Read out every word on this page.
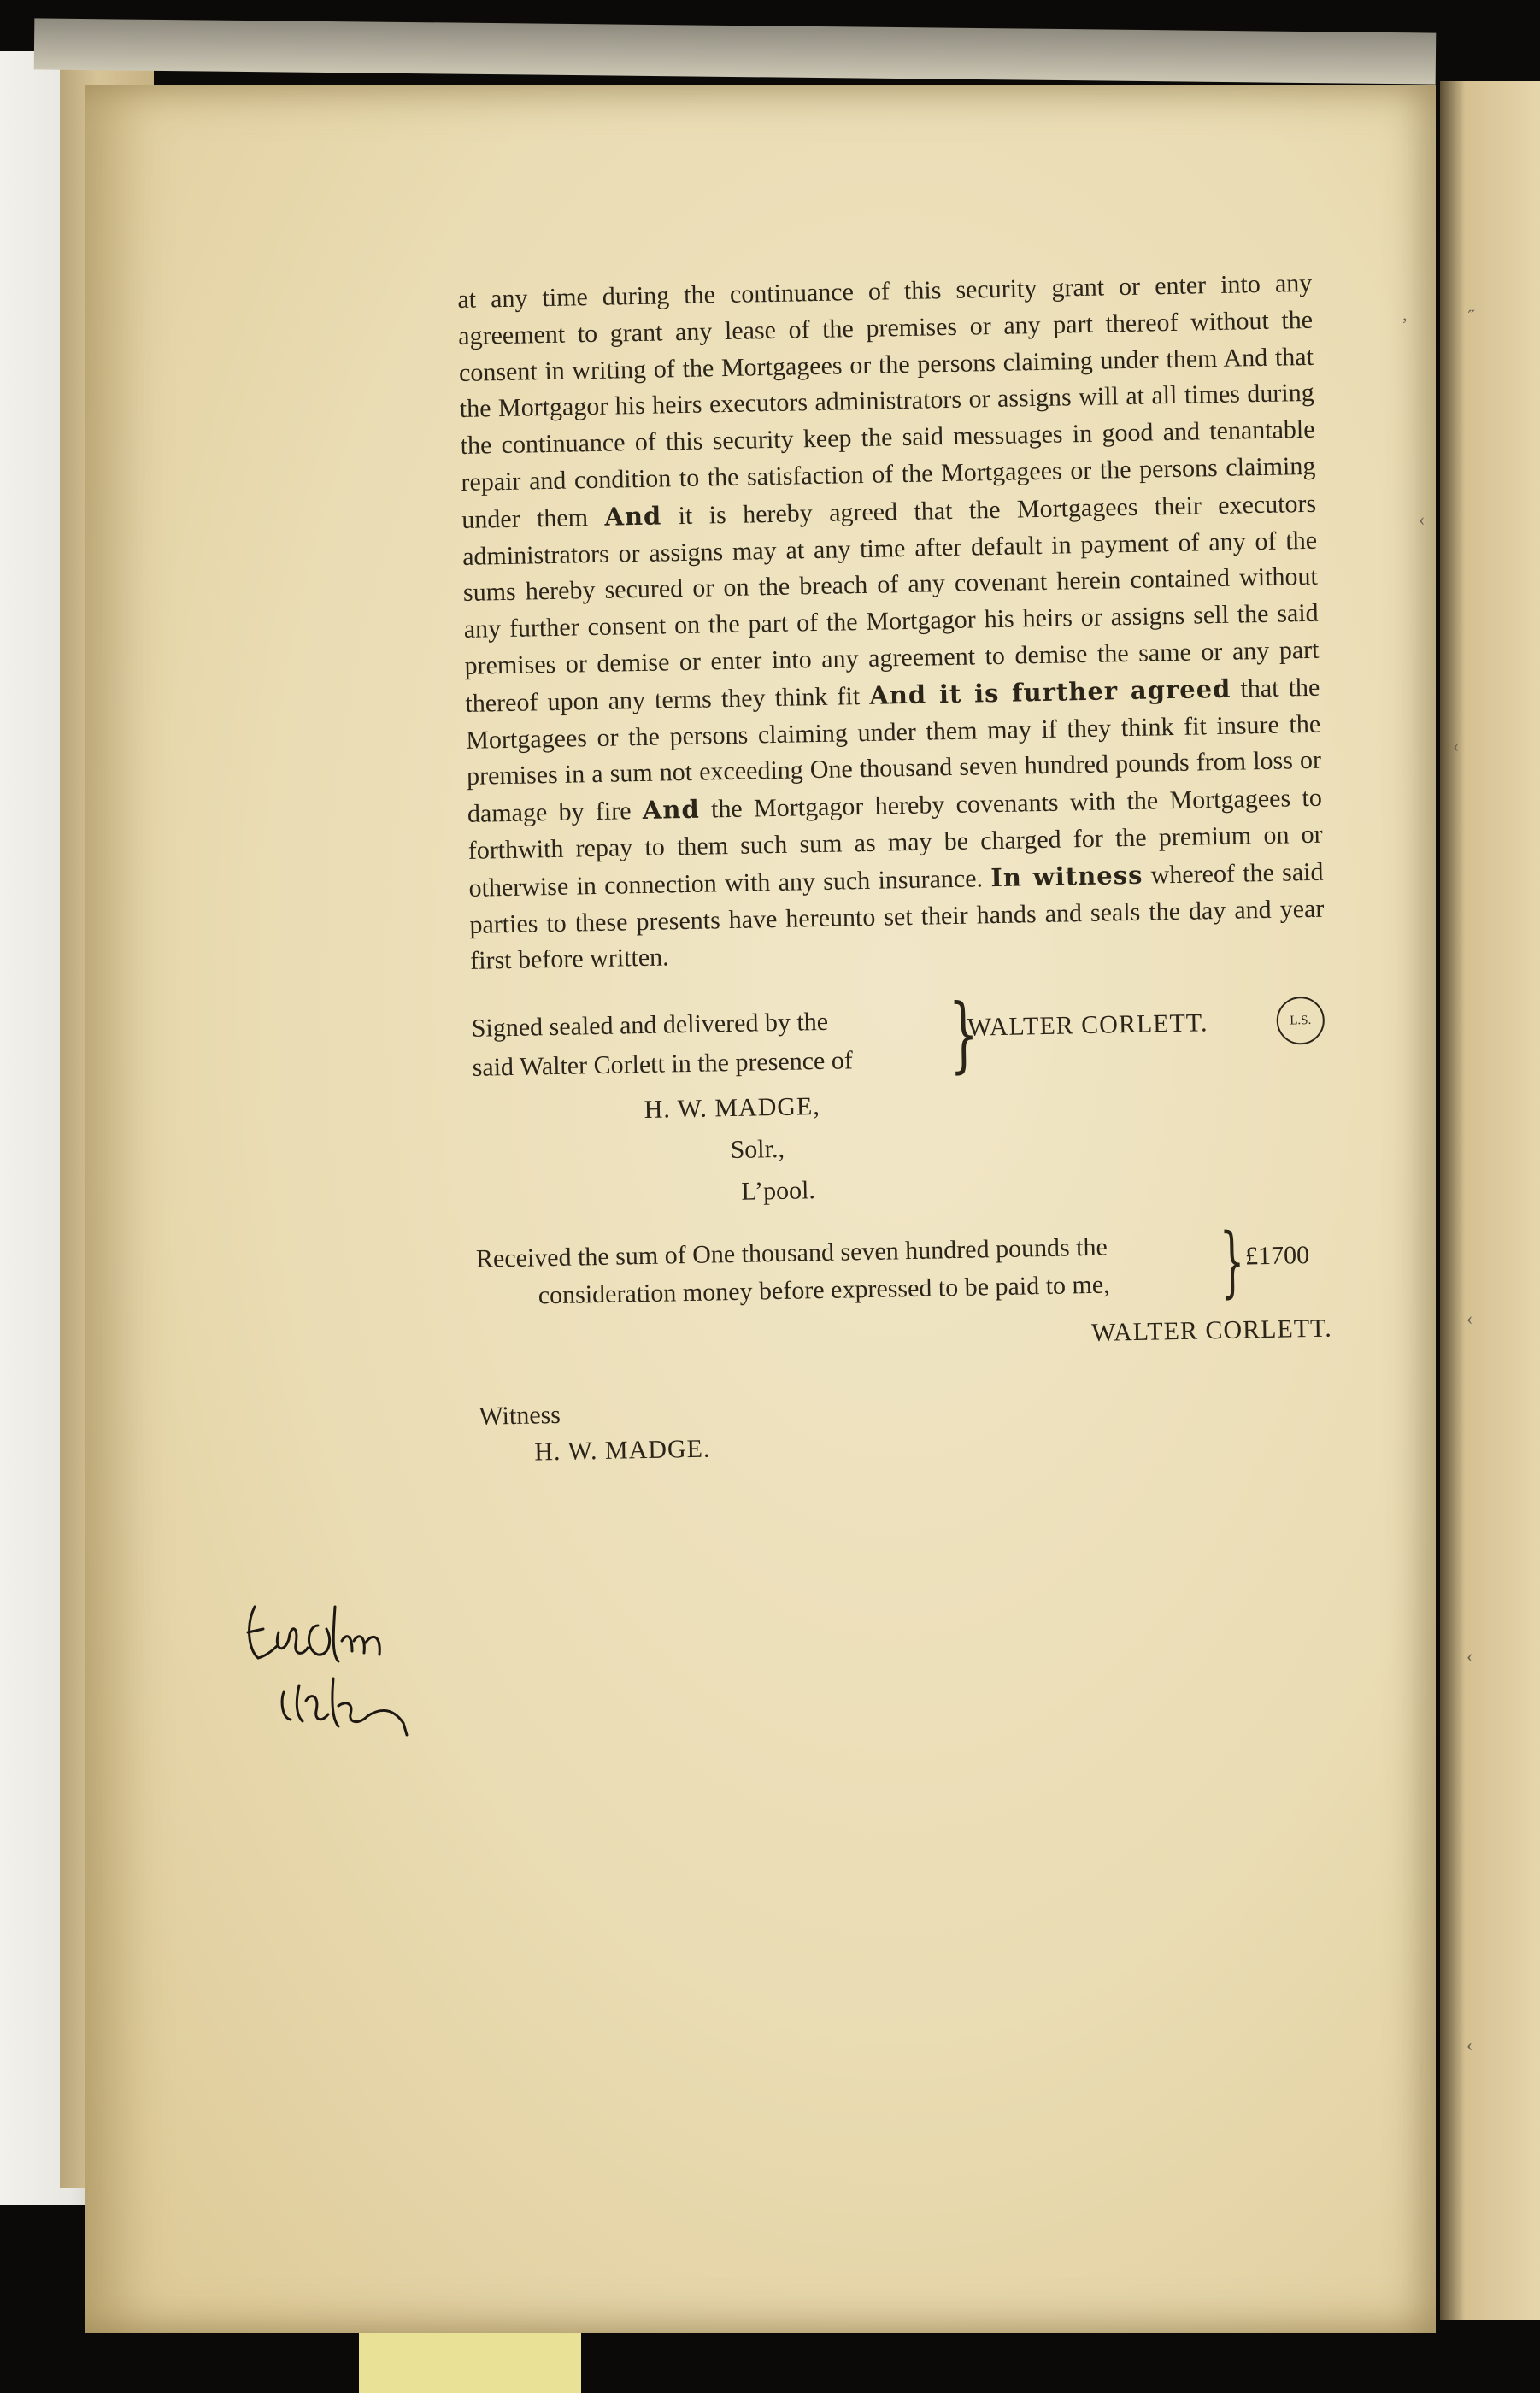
at any time during the continuance of this security grant or enter into any agreement to grant any lease of the premises or any part thereof without the consent in writing of the Mortgagees or the persons claiming under them And that the Mortgagor his heirs executors administrators or assigns will at all times during the continuance of this security keep the said messuages in good and tenantable repair and condition to the satisfaction of the Mortgagees or the persons claiming under them And it is hereby agreed that the Mortgagees their executors administrators or assigns may at any time after default in payment of any of the sums hereby secured or on the breach of any covenant herein contained without any further consent on the part of the Mortgagor his heirs or assigns sell the said premises or demise or enter into any agreement to demise the same or any part thereof upon any terms they think fit And it is further agreed that the Mortgagees or the persons claiming under them may if they think fit insure the premises in a sum not exceeding One thousand seven hundred pounds from loss or damage by fire And the Mortgagor hereby covenants with the Mortgagees to forthwith repay to them such sum as may be charged for the premium on or otherwise in connection with any such insurance. In witness whereof the said parties to these presents have hereunto set their hands and seals the day and year first before written.

Signed sealed and delivered by the
said Walter Corlett in the presence of	}
WALTER CORLETT.	L.S.
H. W. MADGE,
Solr.,
L’pool.
Received the sum of One thousand seven hundred pounds the
consideration money before expressed to be paid to me, } £1700
WALTER CORLETT.
Witness
H. W. MADGE.
‚	˶
‹
‹
‹
‹
‹
